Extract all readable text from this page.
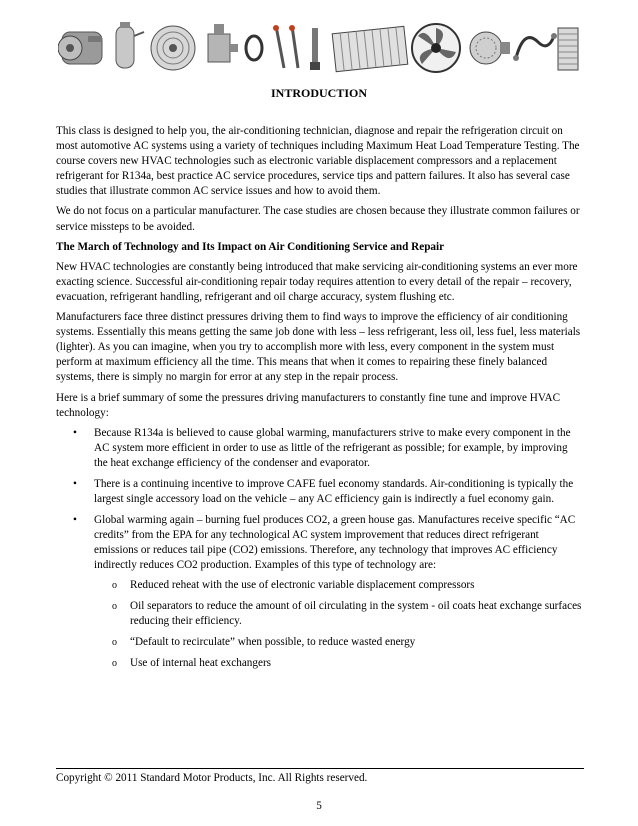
INTRODUCTION

This class is designed to help you, the air-conditioning technician, diagnose and repair the refrigeration circuit on most automotive AC systems using a variety of techniques including Maximum Heat Load Temperature Testing. The course covers new HVAC technologies such as electronic variable displacement compressors and a replacement refrigerant for R134a, best practice AC service procedures, service tips and pattern failures. It also has several case studies that illustrate common AC service issues and how to avoid them.

We do not focus on a particular manufacturer. The case studies are chosen because they illustrate common failures or service missteps to be avoided.

The March of Technology and Its Impact on Air Conditioning Service and Repair

New HVAC technologies are constantly being introduced that make servicing air-conditioning systems an ever more exacting science. Successful air-conditioning repair today requires attention to every detail of the repair – recovery, evacuation, refrigerant handling, refrigerant and oil charge accuracy, system flushing etc.

Manufacturers face three distinct pressures driving them to find ways to improve the efficiency of air conditioning systems. Essentially this means getting the same job done with less – less refrigerant, less oil, less fuel, less materials (lighter). As you can imagine, when you try to accomplish more with less, every component in the system must perform at maximum efficiency all the time. This means that when it comes to repairing these finely balanced systems, there is simply no margin for error at any step in the repair process.

Here is a brief summary of some the pressures driving manufacturers to constantly fine tune and improve HVAC technology:

• Because R134a is believed to cause global warming, manufacturers strive to make every component in the AC system more efficient in order to use as little of the refrigerant as possible; for example, by improving the heat exchange efficiency of the condenser and evaporator.
• There is a continuing incentive to improve CAFE fuel economy standards. Air-conditioning is typically the largest single accessory load on the vehicle – any AC efficiency gain is indirectly a fuel economy gain.
• Global warming again – burning fuel produces CO2, a green house gas. Manufactures receive specific “AC credits” from the EPA for any technological AC system improvement that reduces direct refrigerant emissions or reduces tail pipe (CO2) emissions. Therefore, any technology that improves AC efficiency indirectly reduces CO2 production. Examples of this type of technology are:
o Reduced reheat with the use of electronic variable displacement compressors
o Oil separators to reduce the amount of oil circulating in the system - oil coats heat exchange surfaces reducing their efficiency.
o “Default to recirculate” when possible, to reduce wasted energy
o Use of internal heat exchangers
Copyright © 2011 Standard Motor Products, Inc. All Rights reserved.
5
